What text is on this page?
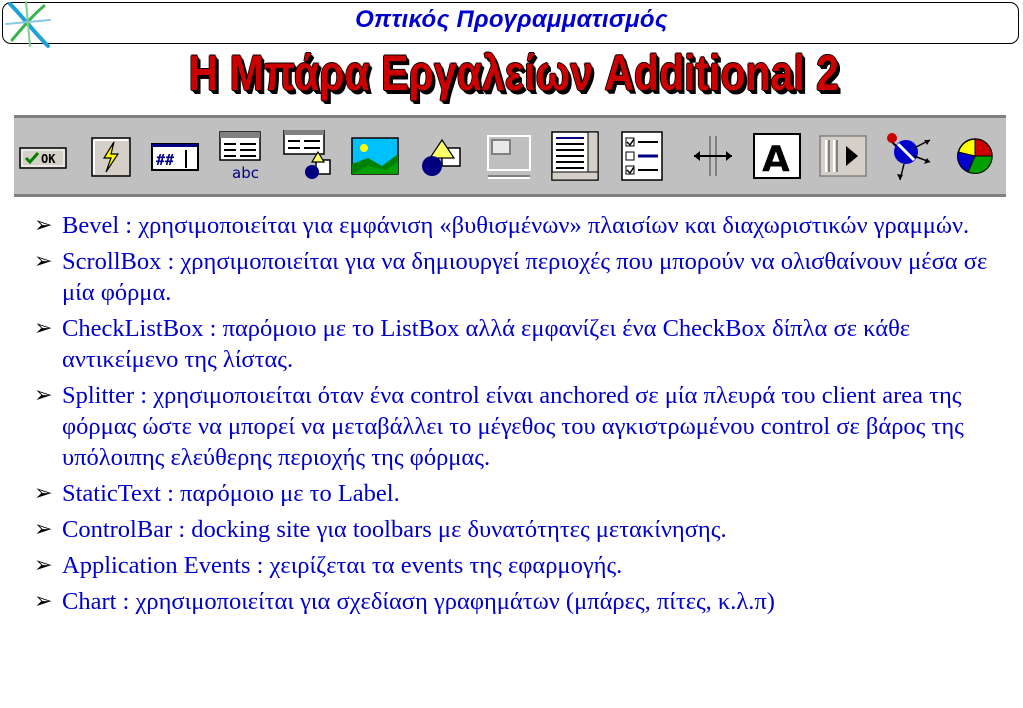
Οπτικός Προγραμματισμός
Η Μπάρα Εργαλείων Additional 2
OK	##
abc	A
➢ Bevel : χρησιμοποιείται για εμφάνιση «βυθισμένων» πλαισίων και διαχωριστικών γραμμών.
➢ ScrollBox : χρησιμοποιείται για να δημιουργεί περιοχές που μπορούν να ολισθαίνουν μέσα σε μία φόρμα.
➢ CheckListBox : παρόμοιο με το ListBox αλλά εμφανίζει ένα CheckBox δίπλα σε κάθε αντικείμενο της λίστας.
➢ Splitter : χρησιμοποιείται όταν ένα control είναι anchored σε μία πλευρά του client area της φόρμας ώστε να μπορεί να μεταβάλλει το μέγεθος του αγκιστρωμένου control σε βάρος της υπόλοιπης ελεύθερης περιοχής της φόρμας.
➢ StaticText : παρόμοιο με το Label.
➢ ControlBar : docking site για toolbars με δυνατότητες μετακίνησης.
➢ Application Events : χειρίζεται τα events της εφαρμογής.
➢ Chart : χρησιμοποιείται για σχεδίαση γραφημάτων (μπάρες, πίτες, κ.λ.π)
